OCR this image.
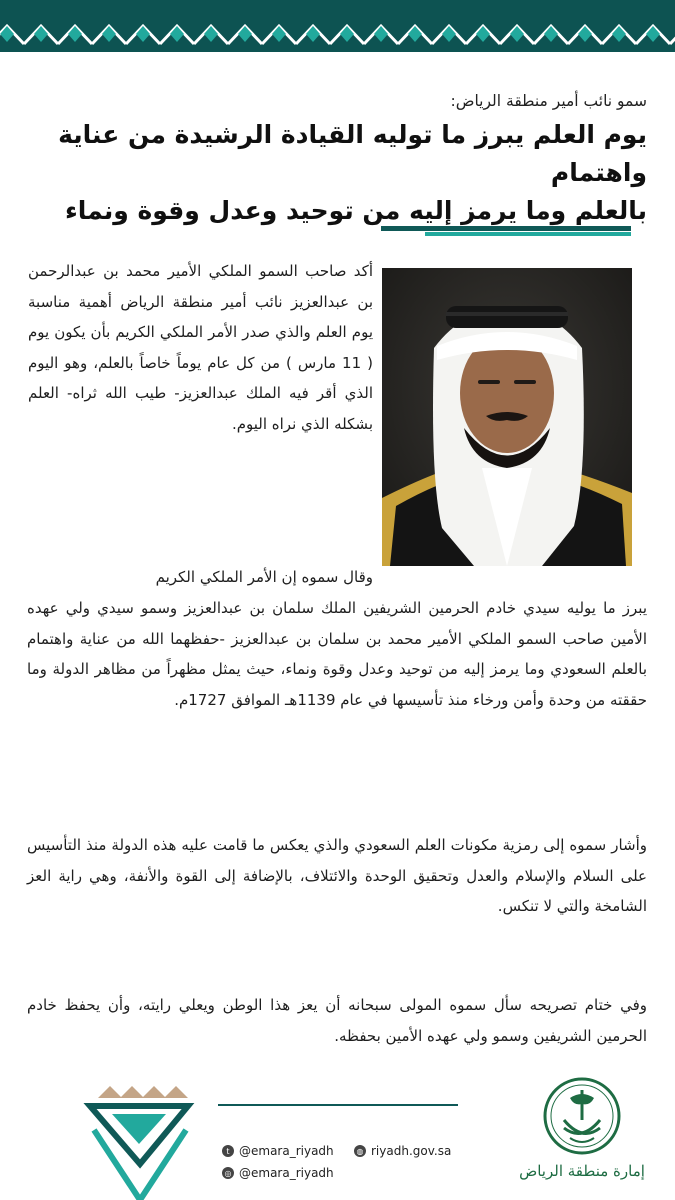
سمو نائب أمير منطقة الرياض:

يوم العلم يبرز ما توليه القيادة الرشيدة من عناية واهتمام
بالعلم وما يرمز إليه من توحيد وعدل وقوة ونماء

أكد صاحب السمو الملكي الأمير محمد بن عبدالرحمن بن عبدالعزيز نائب أمير منطقة الرياض أهمية مناسبة يوم العلم والذي صدر الأمر الملكي الكريم بأن يكون يوم ( 11 مارس ) من كل عام يوماً خاصاً بالعلم، وهو اليوم الذي أقر فيه الملك عبدالعزيز- طيب الله ثراه- العلم بشكله الذي نراه اليوم.

وقال سموه إن الأمر الملكي الكريم

يبرز ما يوليه سيدي خادم الحرمين الشريفين الملك سلمان بن عبدالعزيز وسمو سيدي ولي عهده الأمين صاحب السمو الملكي الأمير محمد بن سلمان بن عبدالعزيز -حفظهما الله من عناية واهتمام بالعلم السعودي وما يرمز إليه من توحيد وعدل وقوة ونماء، حيث يمثل مظهراً من مظاهر الدولة وما حققته من وحدة وأمن ورخاء منذ تأسيسها في عام 1139هـ الموافق 1727م.

وأشار سموه إلى رمزية مكونات العلم السعودي والذي يعكس ما قامت عليه هذه الدولة منذ التأسيس على السلام والإسلام والعدل وتحقيق الوحدة والائتلاف، بالإضافة إلى القوة والأنفة، وهي راية العز الشامخة والتي لا تنكس.

وفي ختام تصريحه سأل سموه المولى سبحانه أن يعز هذا الوطن ويعلي رايته، وأن يحفظ خادم الحرمين الشريفين وسمو ولي عهده الأمين بحفظه.

t @emara_riyadh	◍ riyadh.gov.sa
◎ @emara_riyadh	إمارة منطقة الرياض
